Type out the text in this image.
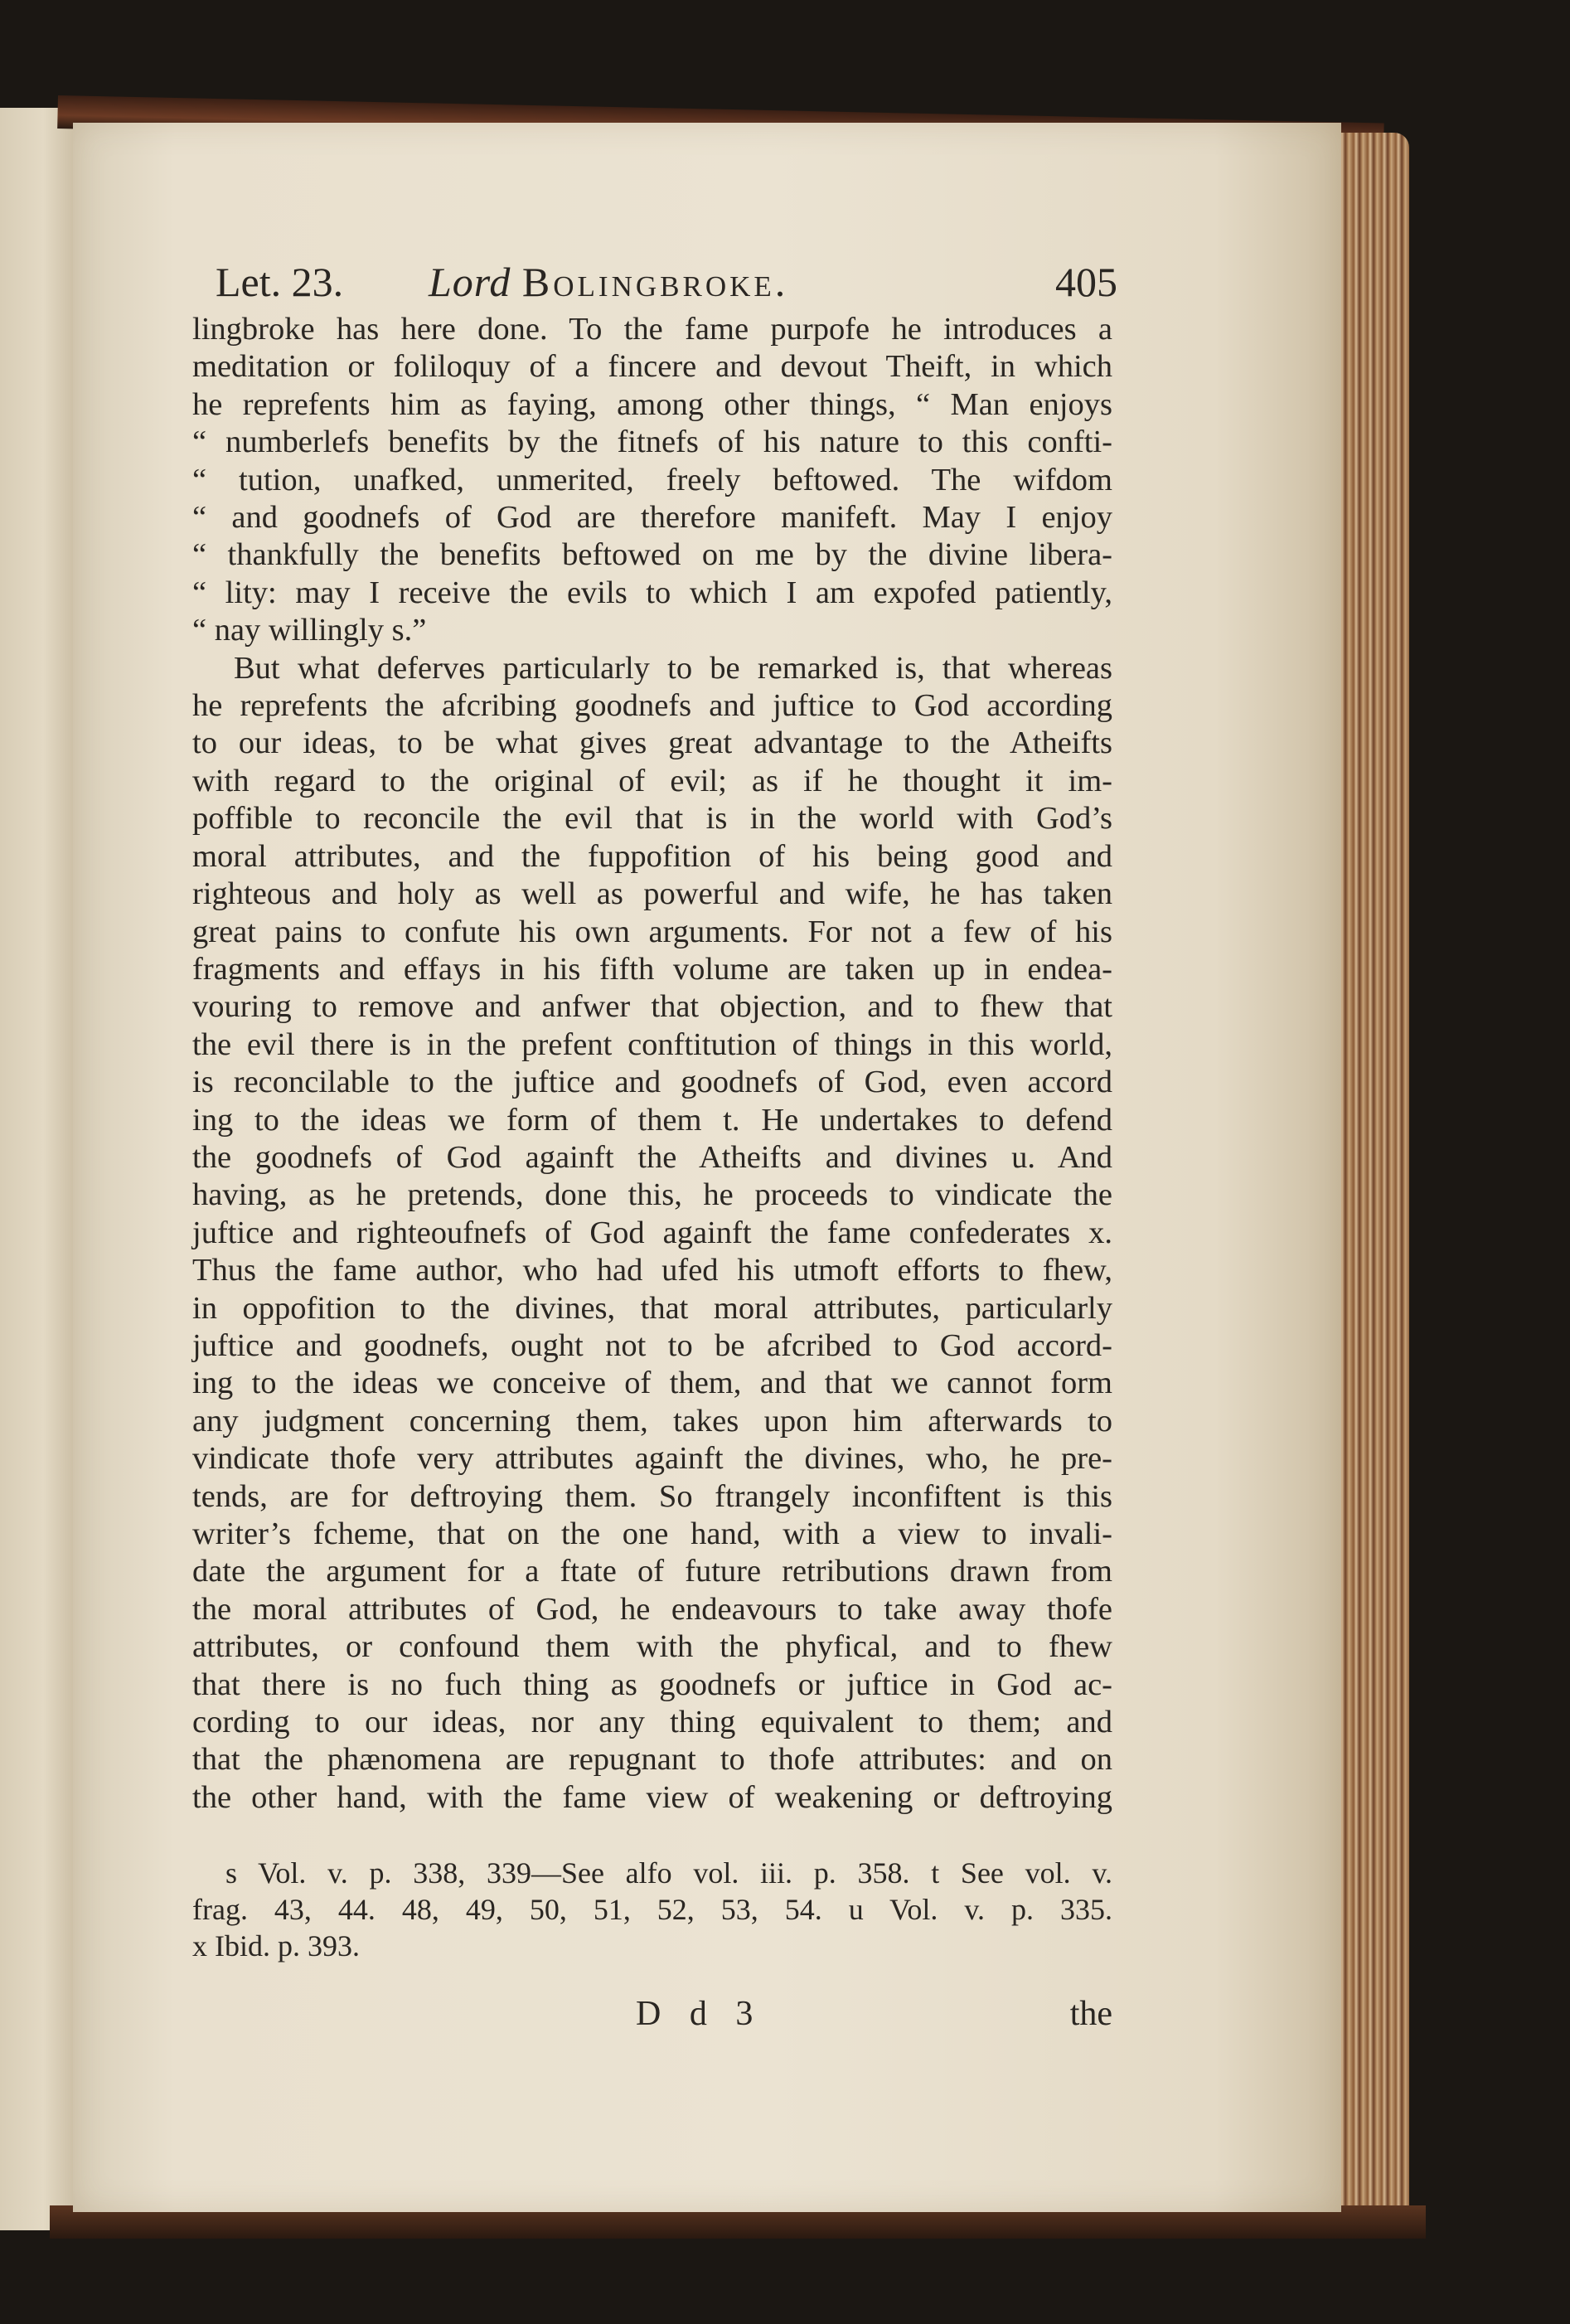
Let. 23. Lord Bolingbroke.	405
lingbroke has here done. To the fame purpofe he introduces a
meditation or foliloquy of a fincere and devout Theift, in which
he reprefents him as faying, among other things, “ Man enjoys
“ numberlefs benefits by the fitnefs of his nature to this confti-
“ tution, unafked, unmerited, freely beftowed. The wifdom
“ and goodnefs of God are therefore manifeft. May I enjoy
“ thankfully the benefits beftowed on me by the divine libera-
“ lity: may I receive the evils to which I am expofed patiently,
“ nay willingly s.”
But what deferves particularly to be remarked is, that whereas
he reprefents the afcribing goodnefs and juftice to God according
to our ideas, to be what gives great advantage to the Atheifts
with regard to the original of evil; as if he thought it im-
poffible to reconcile the evil that is in the world with God’s
moral attributes, and the fuppofition of his being good and
righteous and holy as well as powerful and wife, he has taken
great pains to confute his own arguments. For not a few of his
fragments and effays in his fifth volume are taken up in endea-
vouring to remove and anfwer that objection, and to fhew that
the evil there is in the prefent conftitution of things in this world,
is reconcilable to the juftice and goodnefs of God, even accord
ing to the ideas we form of them t. He undertakes to defend
the goodnefs of God againft the Atheifts and divines u. And
having, as he pretends, done this, he proceeds to vindicate the
juftice and righteoufnefs of God againft the fame confederates x.
Thus the fame author, who had ufed his utmoft efforts to fhew,
in oppofition to the divines, that moral attributes, particularly
juftice and goodnefs, ought not to be afcribed to God accord-
ing to the ideas we conceive of them, and that we cannot form
any judgment concerning them, takes upon him afterwards to
vindicate thofe very attributes againft the divines, who, he pre-
tends, are for deftroying them. So ftrangely inconfiftent is this
writer’s fcheme, that on the one hand, with a view to invali-
date the argument for a ftate of future retributions drawn from
the moral attributes of God, he endeavours to take away thofe
attributes, or confound them with the phyfical, and to fhew
that there is no fuch thing as goodnefs or juftice in God ac-
cording to our ideas, nor any thing equivalent to them; and
that the phænomena are repugnant to thofe attributes: and on
the other hand, with the fame view of weakening or deftroying
s Vol. v. p. 338, 339—See alfo vol. iii. p. 358. t See vol. v.
frag. 43, 44. 48, 49, 50, 51, 52, 53, 54. u Vol. v. p. 335.
x Ibid. p. 393.
D d 3	the
